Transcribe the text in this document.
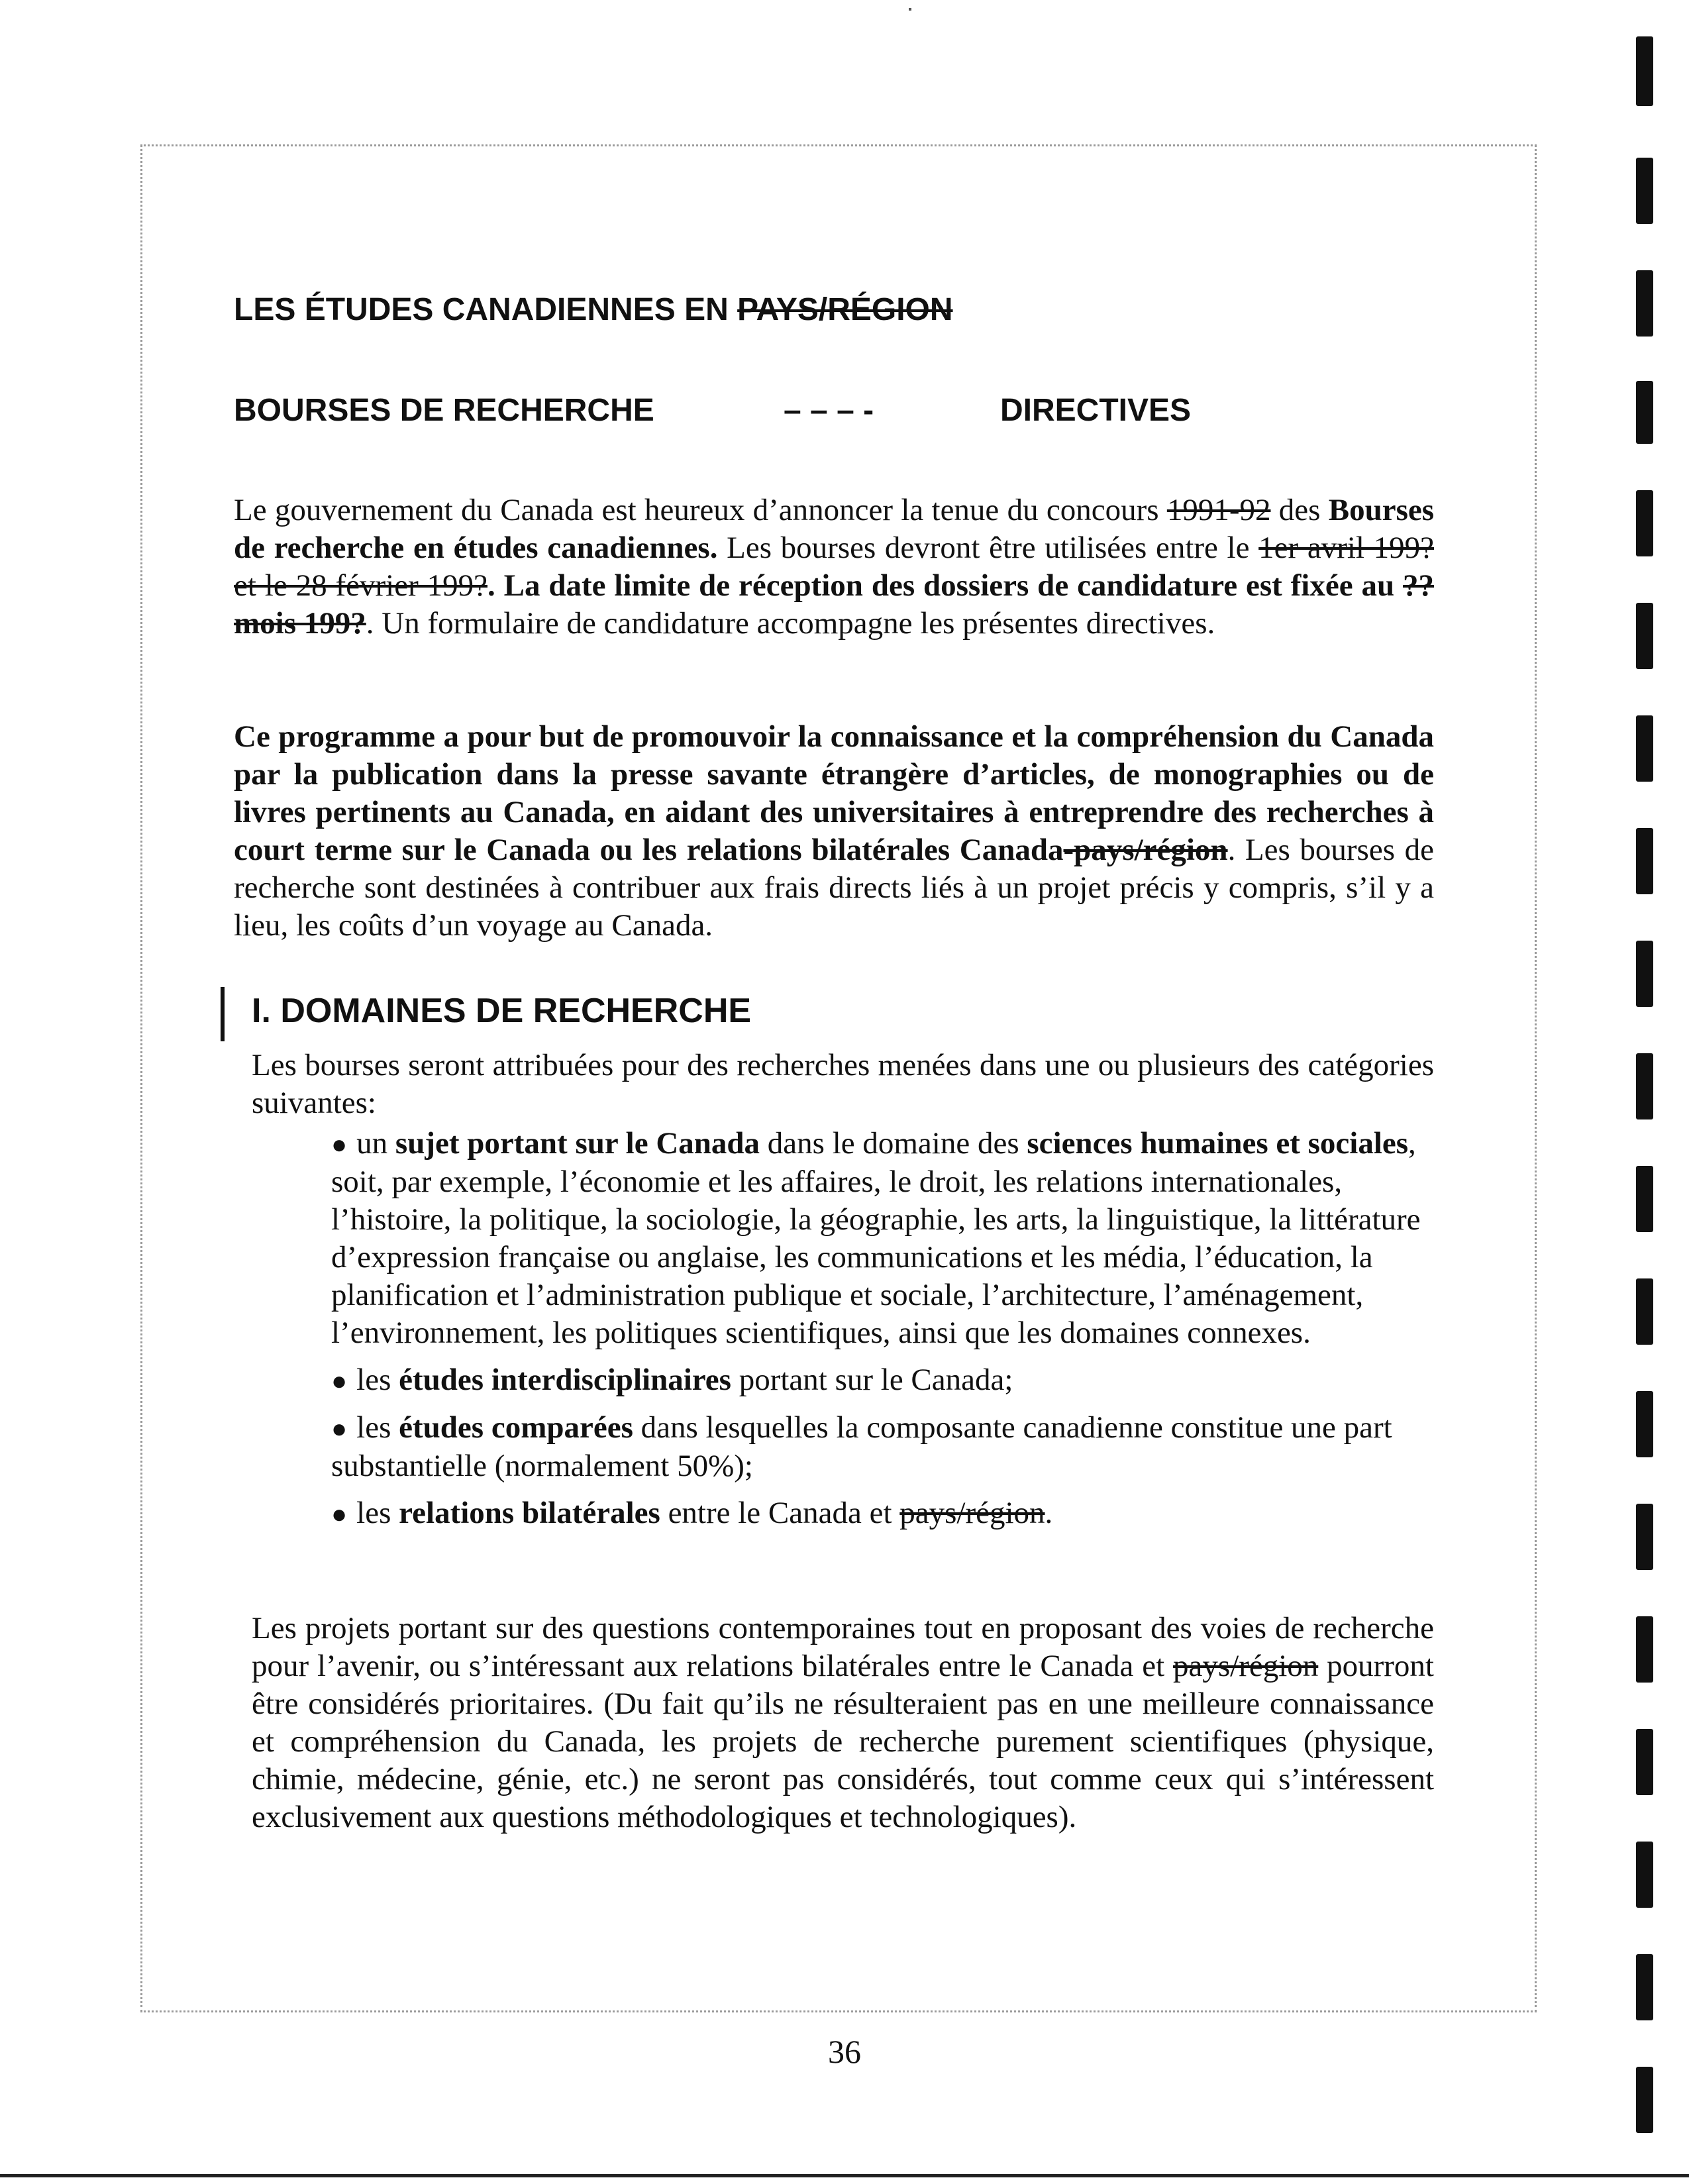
LES ÉTUDES CANADIENNES EN PAYS/RÉGION
BOURSES DE RECHERCHE	– – – -	DIRECTIVES

Le gouvernement du Canada est heureux d’annoncer la tenue du concours 1991-92 des Bourses de recherche en études canadiennes. Les bourses devront être utilisées entre le 1er avril 199? et le 28 février 199?. La date limite de réception des dossiers de candidature est fixée au ?? mois 199?. Un formulaire de candidature accompagne les présentes directives.

Ce programme a pour but de promouvoir la connaissance et la compréhension du Canada par la publication dans la presse savante étrangère d’articles, de monographies ou de livres pertinents au Canada, en aidant des universitaires à entreprendre des recherches à court terme sur le Canada ou les relations bilatérales Canada-pays/région. Les bourses de recherche sont destinées à contribuer aux frais directs liés à un projet précis y compris, s’il y a lieu, les coûts d’un voyage au Canada.

I. DOMAINES DE RECHERCHE

Les bourses seront attribuées pour des recherches menées dans une ou plusieurs des catégories suivantes:

● un sujet portant sur le Canada dans le domaine des sciences humaines et sociales, soit, par exemple, l’économie et les affaires, le droit, les relations internationales, l’histoire, la politique, la sociologie, la géographie, les arts, la linguistique, la littérature d’expression française ou anglaise, les communications et les média, l’éducation, la planification et l’administration publique et sociale, l’architecture, l’aménagement, l’environnement, les politiques scientifiques, ainsi que les domaines connexes.
● les études interdisciplinaires portant sur le Canada;
● les études comparées dans lesquelles la composante canadienne constitue une part substantielle (normalement 50%);
● les relations bilatérales entre le Canada et pays/région.

Les projets portant sur des questions contemporaines tout en proposant des voies de recherche pour l’avenir, ou s’intéressant aux relations bilatérales entre le Canada et pays/région pourront être considérés prioritaires. (Du fait qu’ils ne résulteraient pas en une meilleure connaissance et compréhension du Canada, les projets de recherche purement scientifiques (physique, chimie, médecine, génie, etc.) ne seront pas considérés, tout comme ceux qui s’intéressent exclusivement aux questions méthodologiques et technologiques).

36
